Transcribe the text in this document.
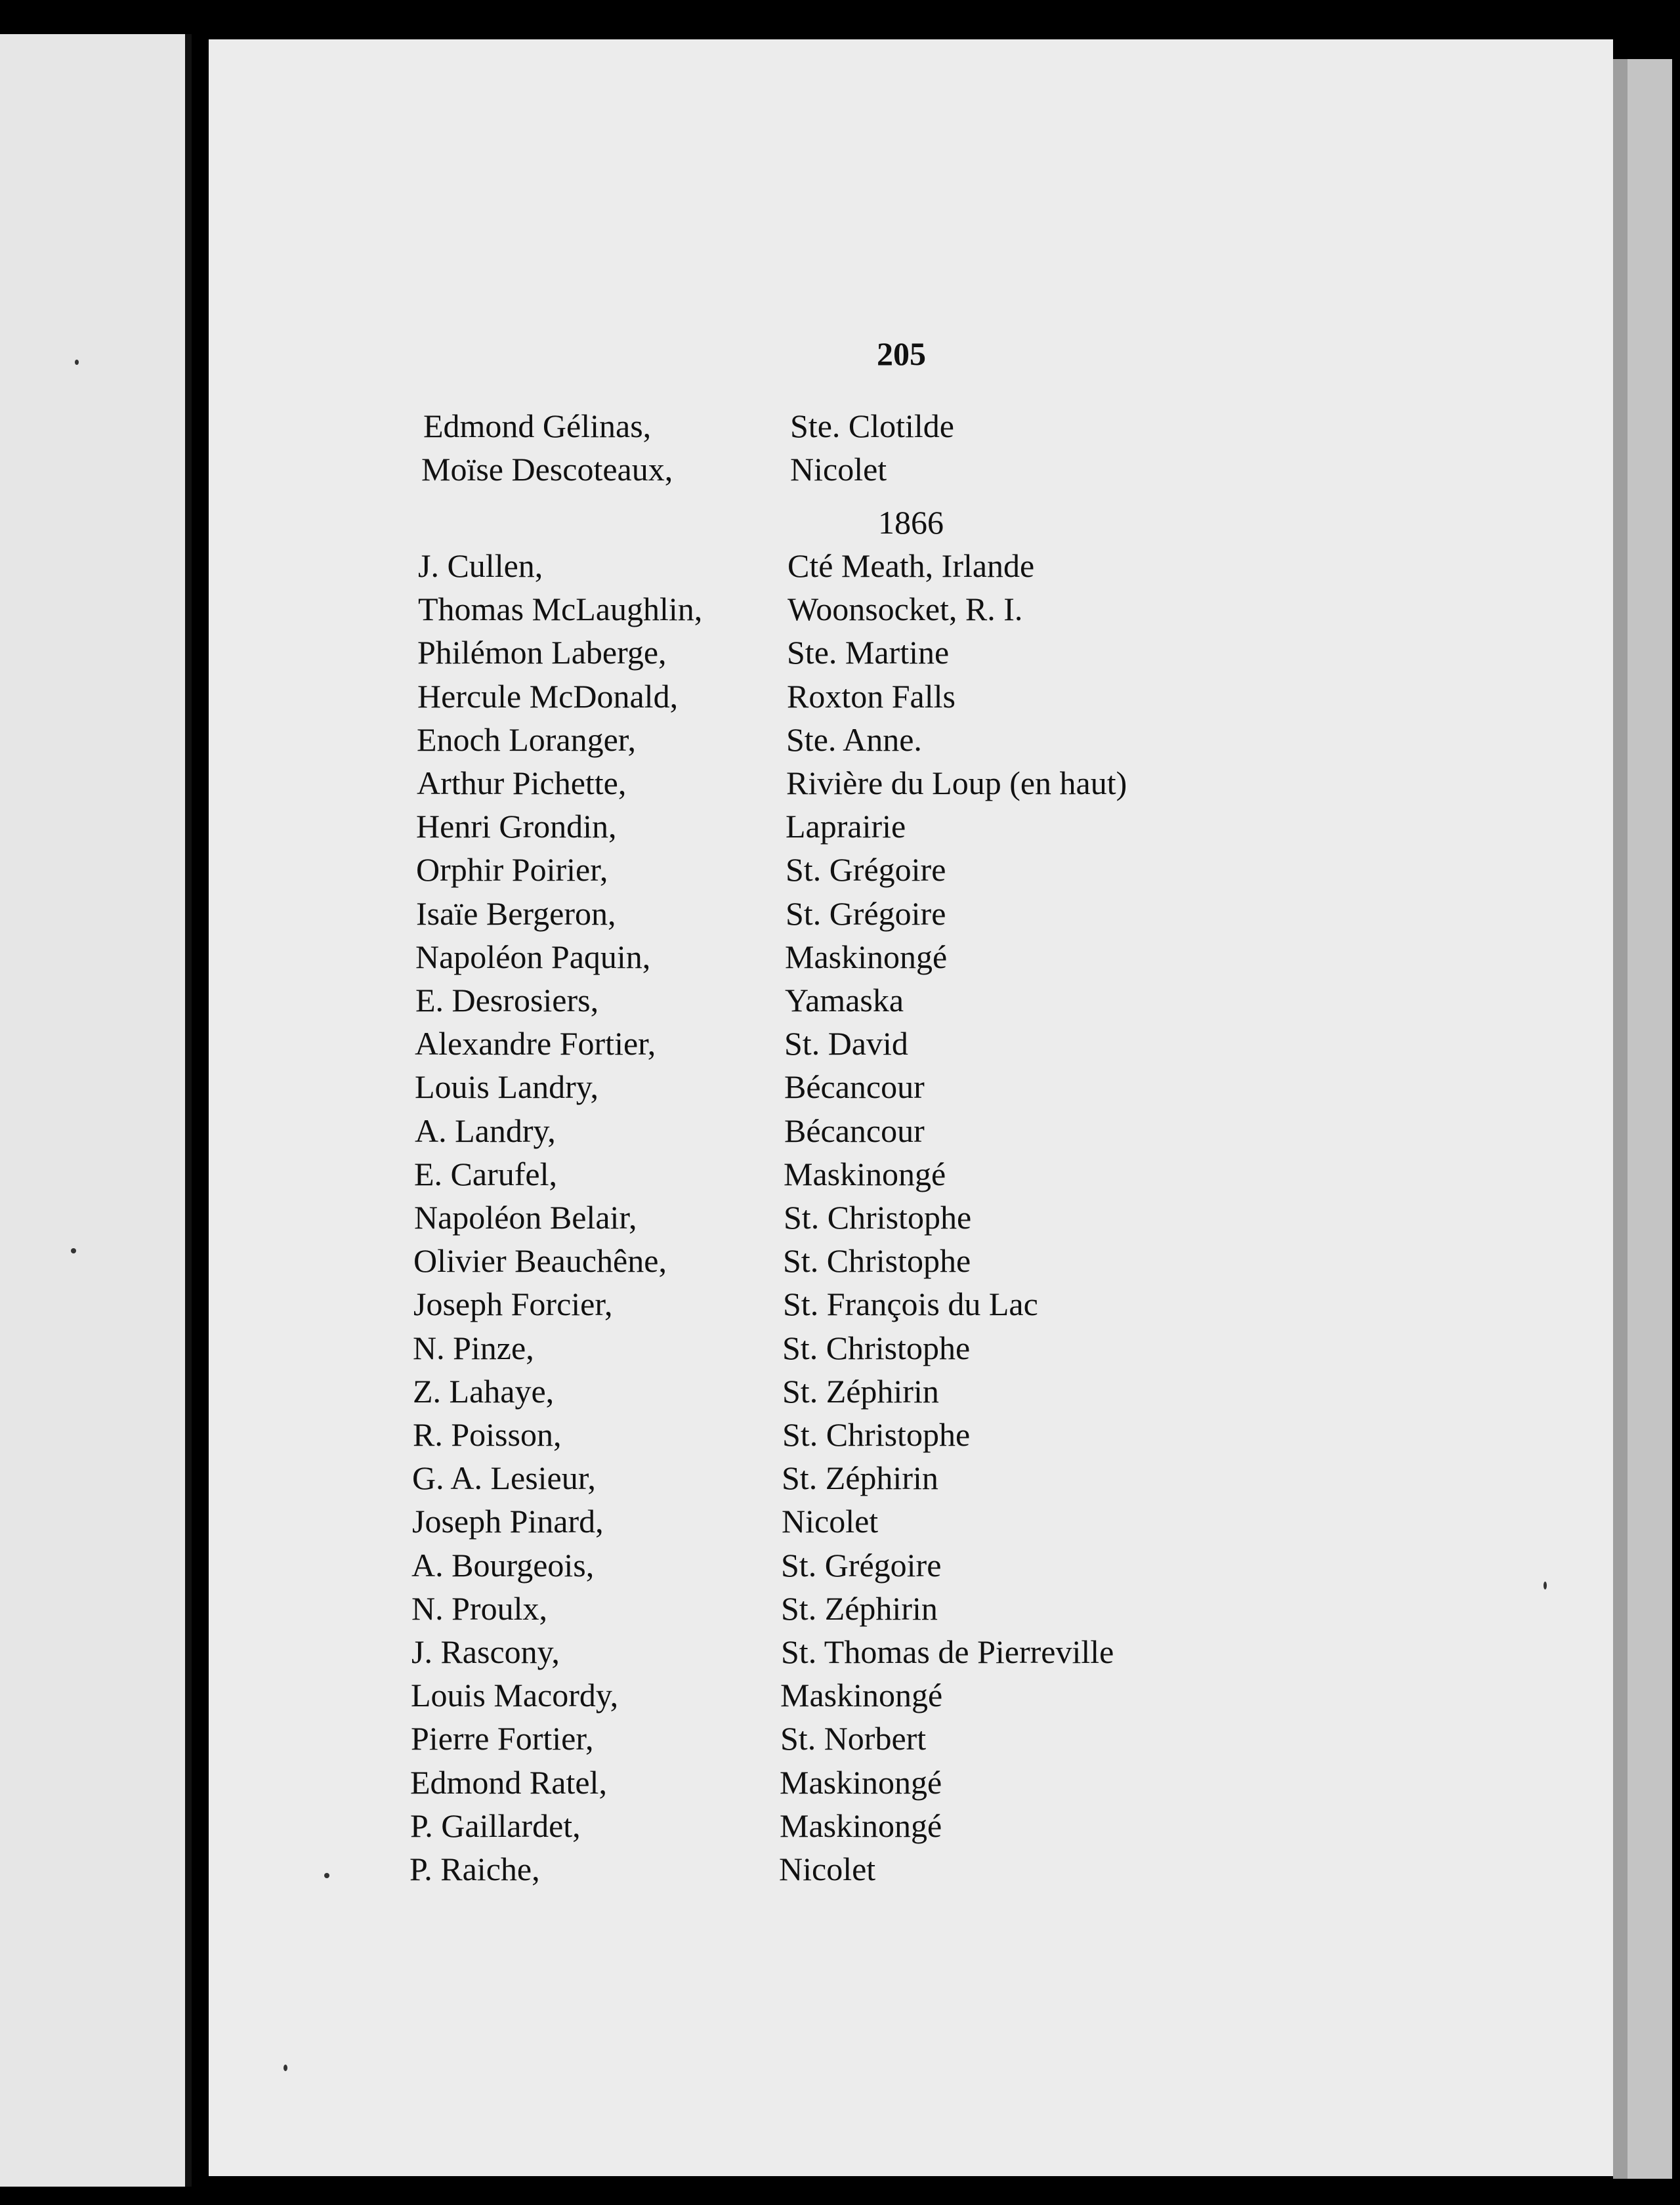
205
Edmond Gélinas,	Ste. Clotilde
Moïse Descoteaux,	Nicolet
1866
J. Cullen,	Cté Meath, Irlande
Thomas McLaughlin,	Woonsocket, R. I.
Philémon Laberge,	Ste. Martine
Hercule McDonald,	Roxton Falls
Enoch Loranger,	Ste. Anne.
Arthur Pichette,	Rivière du Loup (en haut)
Henri Grondin,	Laprairie
Orphir Poirier,	St. Grégoire
Isaïe Bergeron,	St. Grégoire
Napoléon Paquin,	Maskinongé
E. Desrosiers,	Yamaska
Alexandre Fortier,	St. David
Louis Landry,	Bécancour
A. Landry,	Bécancour
E. Carufel,	Maskinongé
Napoléon Belair,	St. Christophe
Olivier Beauchêne,	St. Christophe
Joseph Forcier,	St. François du Lac
N. Pinze,	St. Christophe
Z. Lahaye,	St. Zéphirin
R. Poisson,	St. Christophe
G. A. Lesieur,	St. Zéphirin
Joseph Pinard,	Nicolet
A. Bourgeois,	St. Grégoire
N. Proulx,	St. Zéphirin
J. Rascony,	St. Thomas de Pierreville
Louis Macordy,	Maskinongé
Pierre Fortier,	St. Norbert
Edmond Ratel,	Maskinongé
P. Gaillardet,	Maskinongé
P. Raiche,	Nicolet
